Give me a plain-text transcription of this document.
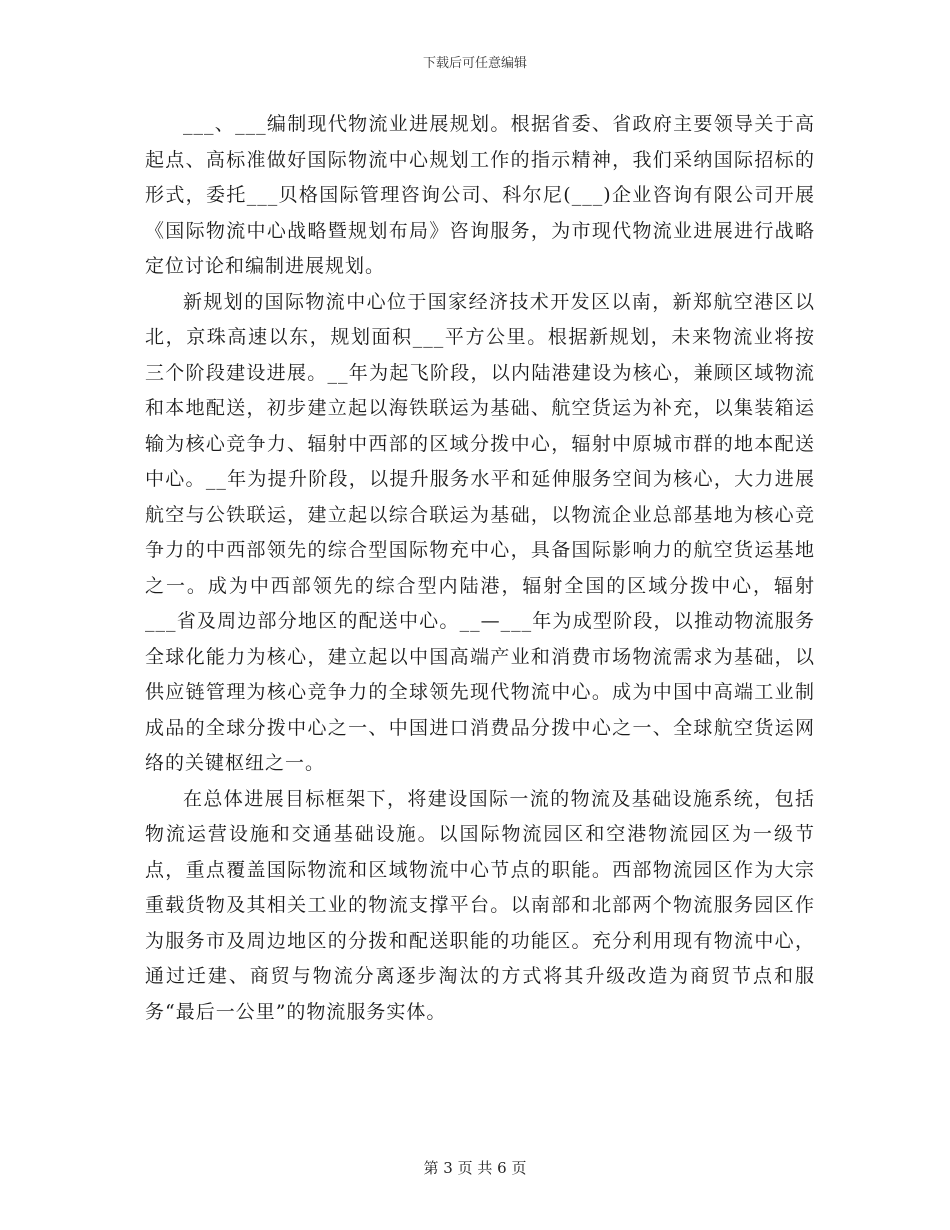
下载后可任意编辑

___、___编制现代物流业进展规划。根据省委、省政府主要领导关于高起点、高标准做好国际物流中心规划工作的指示精神，我们采纳国际招标的形式，委托___贝格国际管理咨询公司、科尔尼(___)企业咨询有限公司开展《国际物流中心战略暨规划布局》咨询服务，为市现代物流业进展进行战略定位讨论和编制进展规划。

新规划的国际物流中心位于国家经济技术开发区以南，新郑航空港区以北，京珠高速以东，规划面积___平方公里。根据新规划，未来物流业将按三个阶段建设进展。__年为起飞阶段，以内陆港建设为核心，兼顾区域物流和本地配送，初步建立起以海铁联运为基础、航空货运为补充，以集装箱运输为核心竞争力、辐射中西部的区域分拨中心，辐射中原城市群的地本配送中心。__年为提升阶段，以提升服务水平和延伸服务空间为核心，大力进展航空与公铁联运，建立起以综合联运为基础，以物流企业总部基地为核心竞争力的中西部领先的综合型国际物充中心，具备国际影响力的航空货运基地之一。成为中西部领先的综合型内陆港，辐射全国的区域分拨中心，辐射___省及周边部分地区的配送中心。__—___年为成型阶段，以推动物流服务全球化能力为核心，建立起以中国高端产业和消费市场物流需求为基础，以供应链管理为核心竞争力的全球领先现代物流中心。成为中国中高端工业制成品的全球分拨中心之一、中国进口消费品分拨中心之一、全球航空货运网络的关键枢纽之一。

在总体进展目标框架下，将建设国际一流的物流及基础设施系统，包括物流运营设施和交通基础设施。以国际物流园区和空港物流园区为一级节点，重点覆盖国际物流和区域物流中心节点的职能。西部物流园区作为大宗重载货物及其相关工业的物流支撑平台。以南部和北部两个物流服务园区作为服务市及周边地区的分拨和配送职能的功能区。充分利用现有物流中心，通过迁建、商贸与物流分离逐步淘汰的方式将其升级改造为商贸节点和服务“最后一公里”的物流服务实体。

第 3 页 共 6 页
